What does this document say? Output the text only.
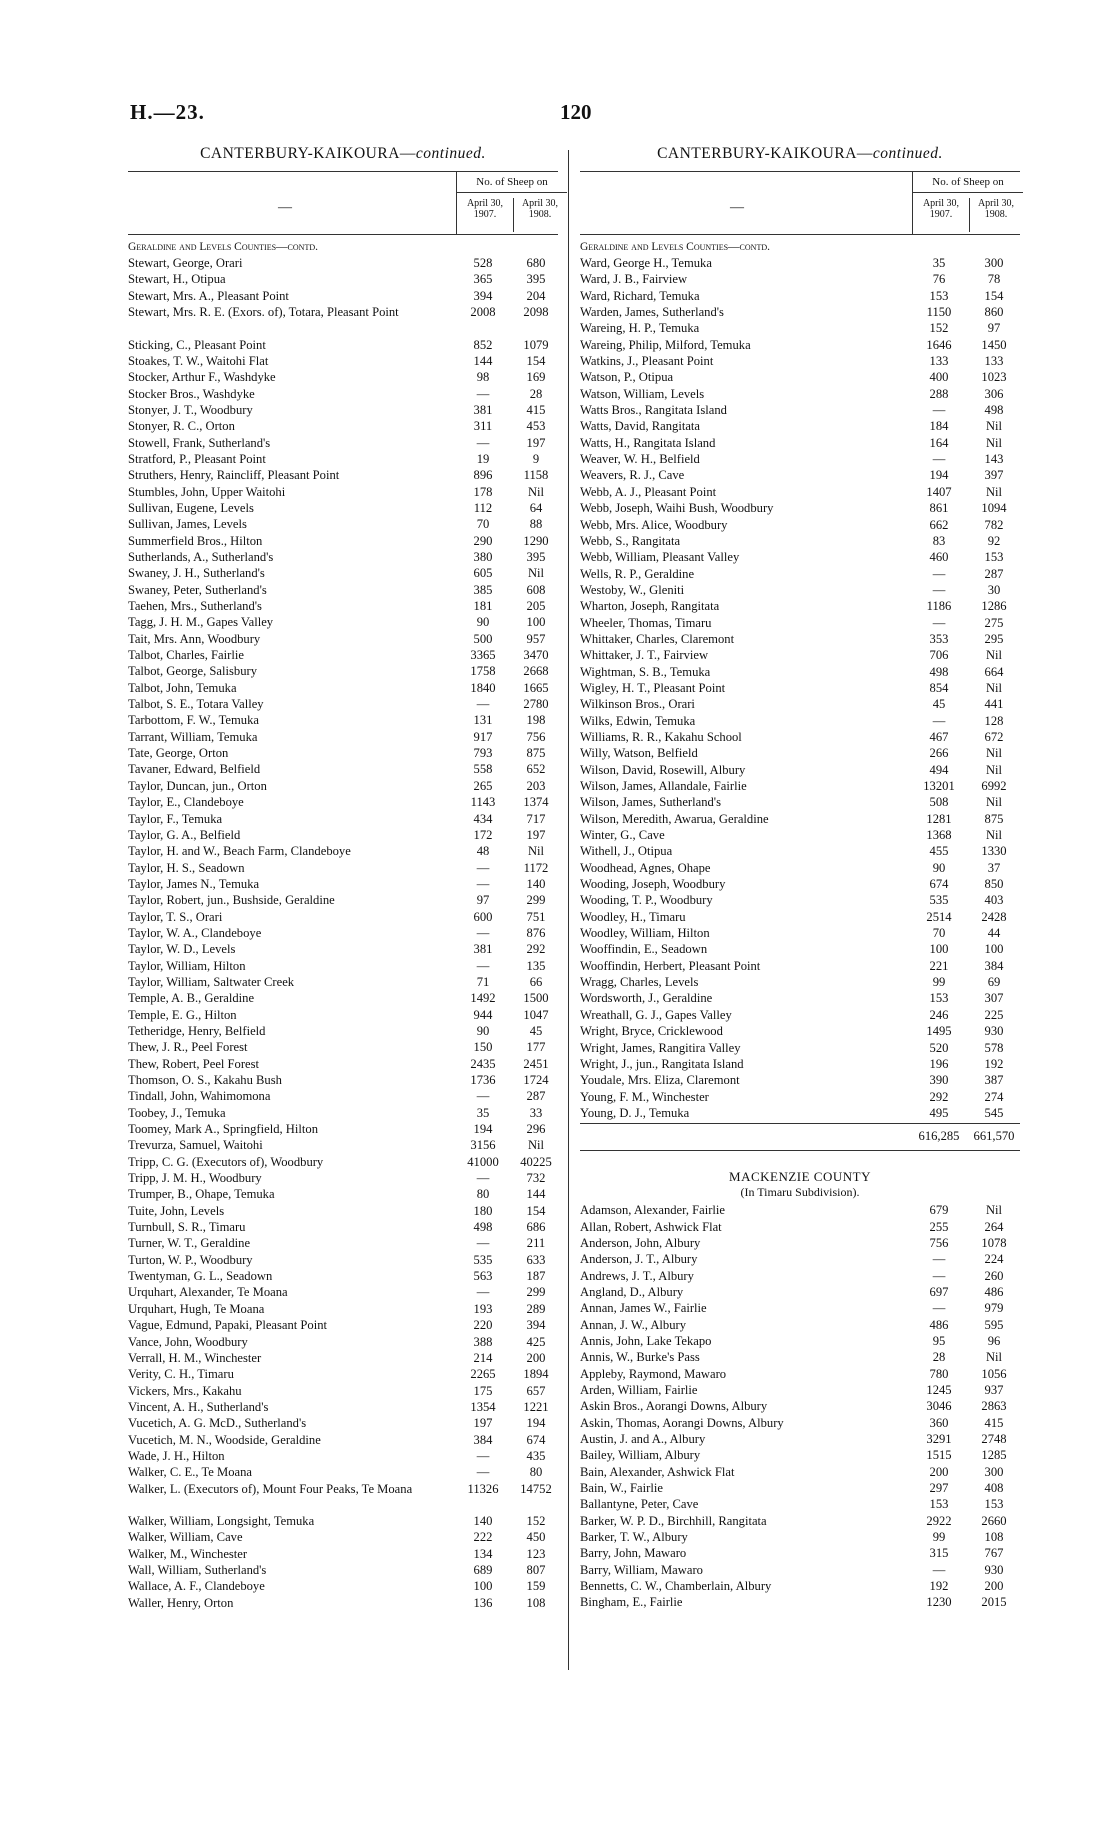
H.—23.	120
CANTERBURY-KAIKOURA—continued.
—
No. of Sheep on
April 30, 1907.
April 30, 1908.
Geraldine and Levels Counties—contd.
Stewart, George, Orari	528	680
Stewart, H., Otipua	365	395
Stewart, Mrs. A., Pleasant Point	394	204
Stewart, Mrs. R. E. (Exors. of), Totara, Pleasant Point	2008	2098
Sticking, C., Pleasant Point	852	1079
Stoakes, T. W., Waitohi Flat	144	154
Stocker, Arthur F., Washdyke	98	169
Stocker Bros., Washdyke	—	28
Stonyer, J. T., Woodbury	381	415
Stonyer, R. C., Orton	311	453
Stowell, Frank, Sutherland's	—	197
Stratford, P., Pleasant Point	19	9
Struthers, Henry, Raincliff, Pleasant Point	896	1158
Stumbles, John, Upper Waitohi	178	Nil
Sullivan, Eugene, Levels	112	64
Sullivan, James, Levels	70	88
Summerfield Bros., Hilton	290	1290
Sutherlands, A., Sutherland's	380	395
Swaney, J. H., Sutherland's	605	Nil
Swaney, Peter, Sutherland's	385	608
Taehen, Mrs., Sutherland's	181	205
Tagg, J. H. M., Gapes Valley	90	100
Tait, Mrs. Ann, Woodbury	500	957
Talbot, Charles, Fairlie	3365	3470
Talbot, George, Salisbury	1758	2668
Talbot, John, Temuka	1840	1665
Talbot, S. E., Totara Valley	—	2780
Tarbottom, F. W., Temuka	131	198
Tarrant, William, Temuka	917	756
Tate, George, Orton	793	875
Tavaner, Edward, Belfield	558	652
Taylor, Duncan, jun., Orton	265	203
Taylor, E., Clandeboye	1143	1374
Taylor, F., Temuka	434	717
Taylor, G. A., Belfield	172	197
Taylor, H. and W., Beach Farm, Clandeboye	48	Nil
Taylor, H. S., Seadown	—	1172
Taylor, James N., Temuka	—	140
Taylor, Robert, jun., Bushside, Geraldine	97	299
Taylor, T. S., Orari	600	751
Taylor, W. A., Clandeboye	—	876
Taylor, W. D., Levels	381	292
Taylor, William, Hilton	—	135
Taylor, William, Saltwater Creek	71	66
Temple, A. B., Geraldine	1492	1500
Temple, E. G., Hilton	944	1047
Tetheridge, Henry, Belfield	90	45
Thew, J. R., Peel Forest	150	177
Thew, Robert, Peel Forest	2435	2451
Thomson, O. S., Kakahu Bush	1736	1724
Tindall, John, Wahimomona	—	287
Toobey, J., Temuka	35	33
Toomey, Mark A., Springfield, Hilton	194	296
Trevurza, Samuel, Waitohi	3156	Nil
Tripp, C. G. (Executors of), Woodbury	41000	40225
Tripp, J. M. H., Woodbury	—	732
Trumper, B., Ohape, Temuka	80	144
Tuite, John, Levels	180	154
Turnbull, S. R., Timaru	498	686
Turner, W. T., Geraldine	—	211
Turton, W. P., Woodbury	535	633
Twentyman, G. L., Seadown	563	187
Urquhart, Alexander, Te Moana	—	299
Urquhart, Hugh, Te Moana	193	289
Vague, Edmund, Papaki, Pleasant Point	220	394
Vance, John, Woodbury	388	425
Verrall, H. M., Winchester	214	200
Verity, C. H., Timaru	2265	1894
Vickers, Mrs., Kakahu	175	657
Vincent, A. H., Sutherland's	1354	1221
Vucetich, A. G. McD., Sutherland's	197	194
Vucetich, M. N., Woodside, Geraldine	384	674
Wade, J. H., Hilton	—	435
Walker, C. E., Te Moana	—	80
Walker, L. (Executors of), Mount Four Peaks, Te Moana	11326	14752
Walker, William, Longsight, Temuka	140	152
Walker, William, Cave	222	450
Walker, M., Winchester	134	123
Wall, William, Sutherland's	689	807
Wallace, A. F., Clandeboye	100	159
Waller, Henry, Orton	136	108
CANTERBURY-KAIKOURA—continued.
—
No. of Sheep on
April 30, 1907.
April 30, 1908.
Geraldine and Levels Counties—contd.
Ward, George H., Temuka	35	300
Ward, J. B., Fairview	76	78
Ward, Richard, Temuka	153	154
Warden, James, Sutherland's	1150	860
Wareing, H. P., Temuka	152	97
Wareing, Philip, Milford, Temuka	1646	1450
Watkins, J., Pleasant Point	133	133
Watson, P., Otipua	400	1023
Watson, William, Levels	288	306
Watts Bros., Rangitata Island	—	498
Watts, David, Rangitata	184	Nil
Watts, H., Rangitata Island	164	Nil
Weaver, W. H., Belfield	—	143
Weavers, R. J., Cave	194	397
Webb, A. J., Pleasant Point	1407	Nil
Webb, Joseph, Waihi Bush, Woodbury	861	1094
Webb, Mrs. Alice, Woodbury	662	782
Webb, S., Rangitata	83	92
Webb, William, Pleasant Valley	460	153
Wells, R. P., Geraldine	—	287
Westoby, W., Gleniti	—	30
Wharton, Joseph, Rangitata	1186	1286
Wheeler, Thomas, Timaru	—	275
Whittaker, Charles, Claremont	353	295
Whittaker, J. T., Fairview	706	Nil
Wightman, S. B., Temuka	498	664
Wigley, H. T., Pleasant Point	854	Nil
Wilkinson Bros., Orari	45	441
Wilks, Edwin, Temuka	—	128
Williams, R. R., Kakahu School	467	672
Willy, Watson, Belfield	266	Nil
Wilson, David, Rosewill, Albury	494	Nil
Wilson, James, Allandale, Fairlie	13201	6992
Wilson, James, Sutherland's	508	Nil
Wilson, Meredith, Awarua, Geraldine	1281	875
Winter, G., Cave	1368	Nil
Withell, J., Otipua	455	1330
Woodhead, Agnes, Ohape	90	37
Wooding, Joseph, Woodbury	674	850
Wooding, T. P., Woodbury	535	403
Woodley, H., Timaru	2514	2428
Woodley, William, Hilton	70	44
Wooffindin, E., Seadown	100	100
Wooffindin, Herbert, Pleasant Point	221	384
Wragg, Charles, Levels	99	69
Wordsworth, J., Geraldine	153	307
Wreathall, G. J., Gapes Valley	246	225
Wright, Bryce, Cricklewood	1495	930
Wright, James, Rangitira Valley	520	578
Wright, J., jun., Rangitata Island	196	192
Youdale, Mrs. Eliza, Claremont	390	387
Young, F. M., Winchester	292	274
Young, D. J., Temuka	495	545
616,285	661,570
MACKENZIE COUNTY
(In Timaru Subdivision).
Adamson, Alexander, Fairlie	679	Nil
Allan, Robert, Ashwick Flat	255	264
Anderson, John, Albury	756	1078
Anderson, J. T., Albury	—	224
Andrews, J. T., Albury	—	260
Angland, D., Albury	697	486
Annan, James W., Fairlie	—	979
Annan, J. W., Albury	486	595
Annis, John, Lake Tekapo	95	96
Annis, W., Burke's Pass	28	Nil
Appleby, Raymond, Mawaro	780	1056
Arden, William, Fairlie	1245	937
Askin Bros., Aorangi Downs, Albury	3046	2863
Askin, Thomas, Aorangi Downs, Albury	360	415
Austin, J. and A., Albury	3291	2748
Bailey, William, Albury	1515	1285
Bain, Alexander, Ashwick Flat	200	300
Bain, W., Fairlie	297	408
Ballantyne, Peter, Cave	153	153
Barker, W. P. D., Birchhill, Rangitata	2922	2660
Barker, T. W., Albury	99	108
Barry, John, Mawaro	315	767
Barry, William, Mawaro	—	930
Bennetts, C. W., Chamberlain, Albury	192	200
Bingham, E., Fairlie	1230	2015
